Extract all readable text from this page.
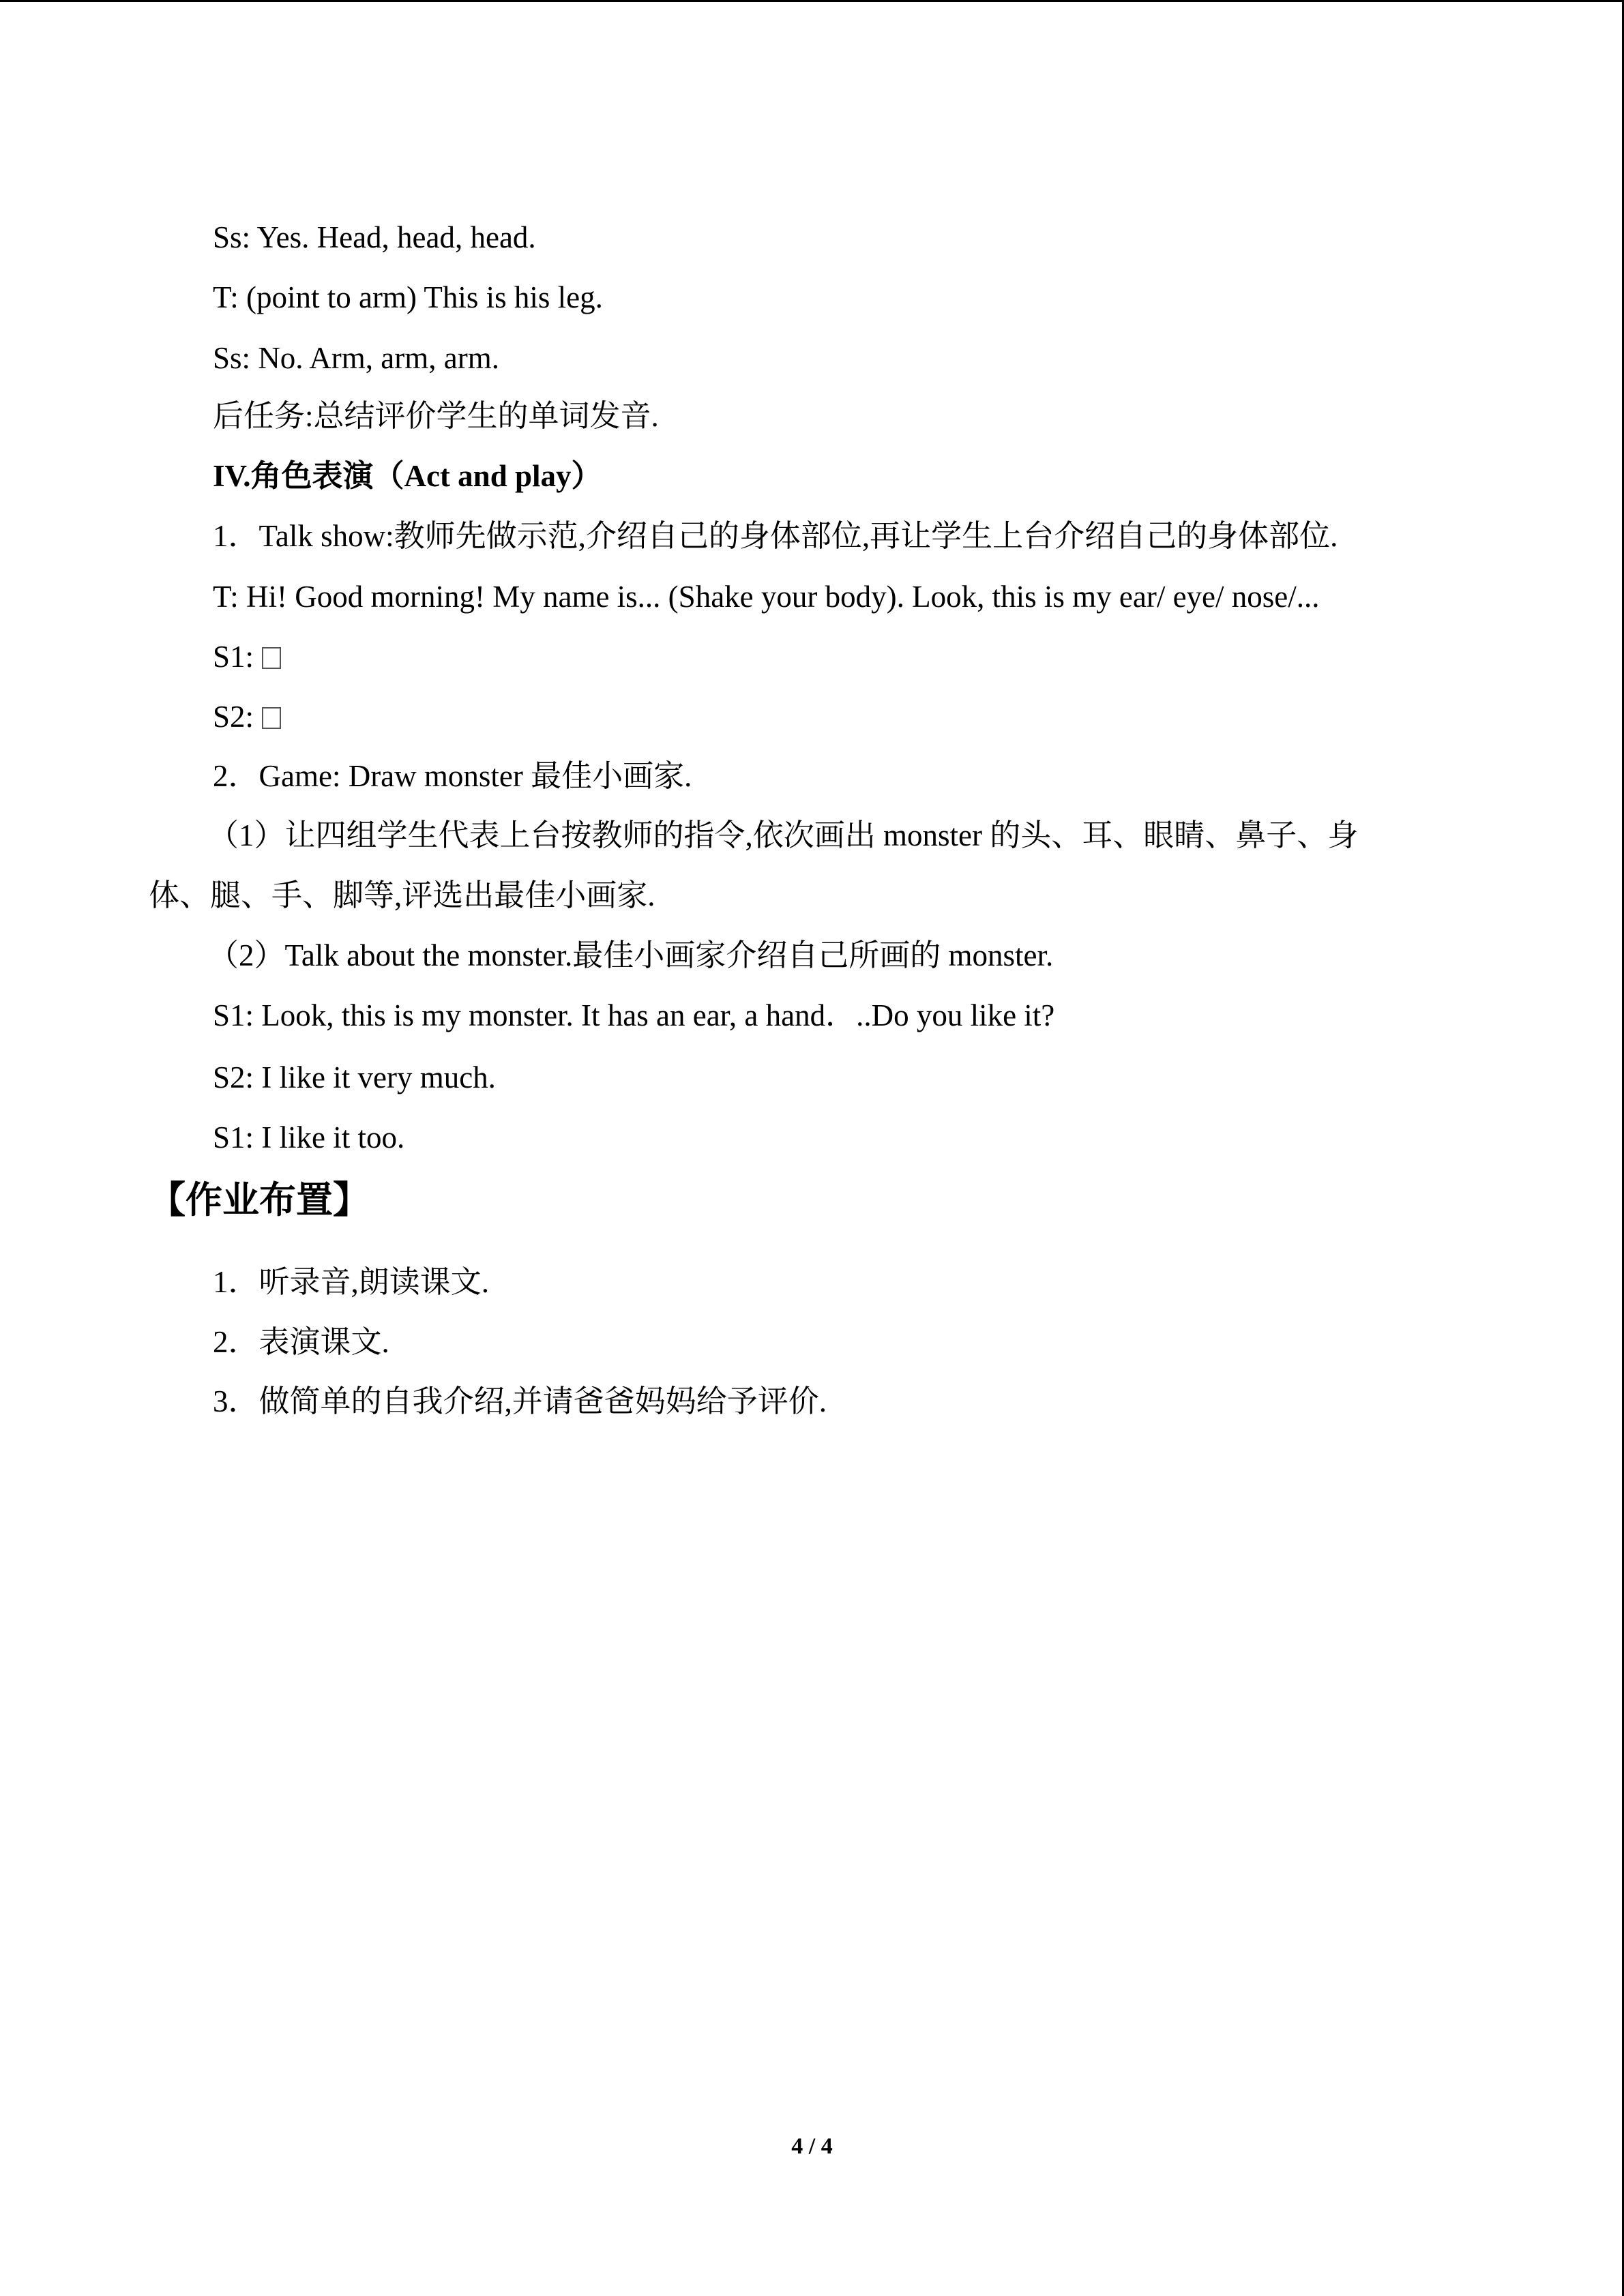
Ss: Yes. Head, head, head.

T: (point to arm) This is his leg.

Ss: No. Arm, arm, arm.

后任务:总结评价学生的单词发音.

IV.角色表演（Act and play）

1．Talk show:教师先做示范,介绍自己的身体部位,再让学生上台介绍自己的身体部位.

T: Hi! Good morning! My name is... (Shake your body). Look, this is my ear/ eye/ nose/...

S1:

S2:

2．Game: Draw monster 最佳小画家.

（1）让四组学生代表上台按教师的指令,依次画出 monster 的头、耳、眼睛、鼻子、身

体、腿、手、脚等,评选出最佳小画家.

（2）Talk about the monster.最佳小画家介绍自己所画的 monster.

S1: Look, this is my monster. It has an ear, a hand．..Do you like it?

S2: I like it very much.

S1: I like it too.

【作业布置】

1．听录音,朗读课文.

2．表演课文.

3．做简单的自我介绍,并请爸爸妈妈给予评价.

4 / 4
